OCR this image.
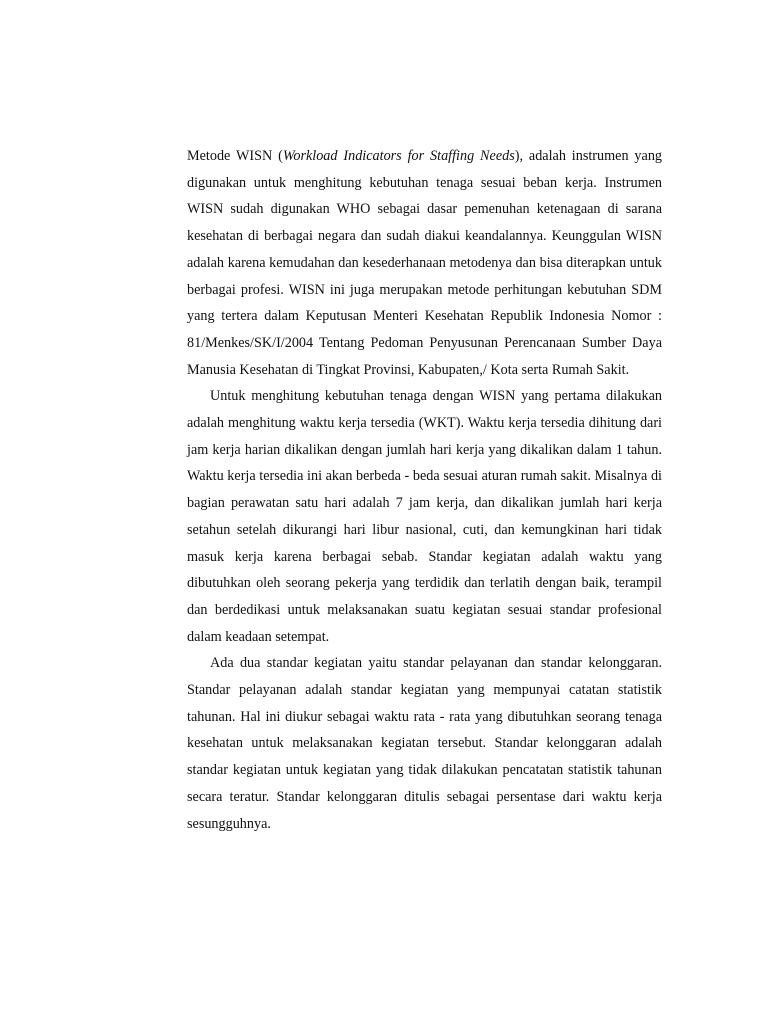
Metode WISN (Workload Indicators for Staffing Needs), adalah instrumen yang digunakan untuk menghitung kebutuhan tenaga sesuai beban kerja. Instrumen WISN sudah digunakan WHO sebagai dasar pemenuhan ketenagaan di sarana kesehatan di berbagai negara dan sudah diakui keandalannya. Keunggulan WISN adalah karena kemudahan dan kesederhanaan metodenya dan bisa diterapkan untuk berbagai profesi. WISN ini juga merupakan metode perhitungan kebutuhan SDM yang tertera dalam Keputusan Menteri Kesehatan Republik Indonesia Nomor : 81/Menkes/SK/I/2004 Tentang Pedoman Penyusunan Perencanaan Sumber Daya Manusia Kesehatan di Tingkat Provinsi, Kabupaten,/ Kota serta Rumah Sakit.

Untuk menghitung kebutuhan tenaga dengan WISN yang pertama dilakukan adalah menghitung waktu kerja tersedia (WKT). Waktu kerja tersedia dihitung dari jam kerja harian dikalikan dengan jumlah hari kerja yang dikalikan dalam 1 tahun. Waktu kerja tersedia ini akan berbeda - beda sesuai aturan rumah sakit. Misalnya di bagian perawatan satu hari adalah 7 jam kerja, dan dikalikan jumlah hari kerja setahun setelah dikurangi hari libur nasional, cuti, dan kemungkinan hari tidak masuk kerja karena berbagai sebab. Standar kegiatan adalah waktu yang dibutuhkan oleh seorang pekerja yang terdidik dan terlatih dengan baik, terampil dan berdedikasi untuk melaksanakan suatu kegiatan sesuai standar profesional dalam keadaan setempat.

Ada dua standar kegiatan yaitu standar pelayanan dan standar kelonggaran. Standar pelayanan adalah standar kegiatan yang mempunyai catatan statistik tahunan. Hal ini diukur sebagai waktu rata - rata yang dibutuhkan seorang tenaga kesehatan untuk melaksanakan kegiatan tersebut. Standar kelonggaran adalah standar kegiatan untuk kegiatan yang tidak dilakukan pencatatan statistik tahunan secara teratur. Standar kelonggaran ditulis sebagai persentase dari waktu kerja sesungguhnya.
